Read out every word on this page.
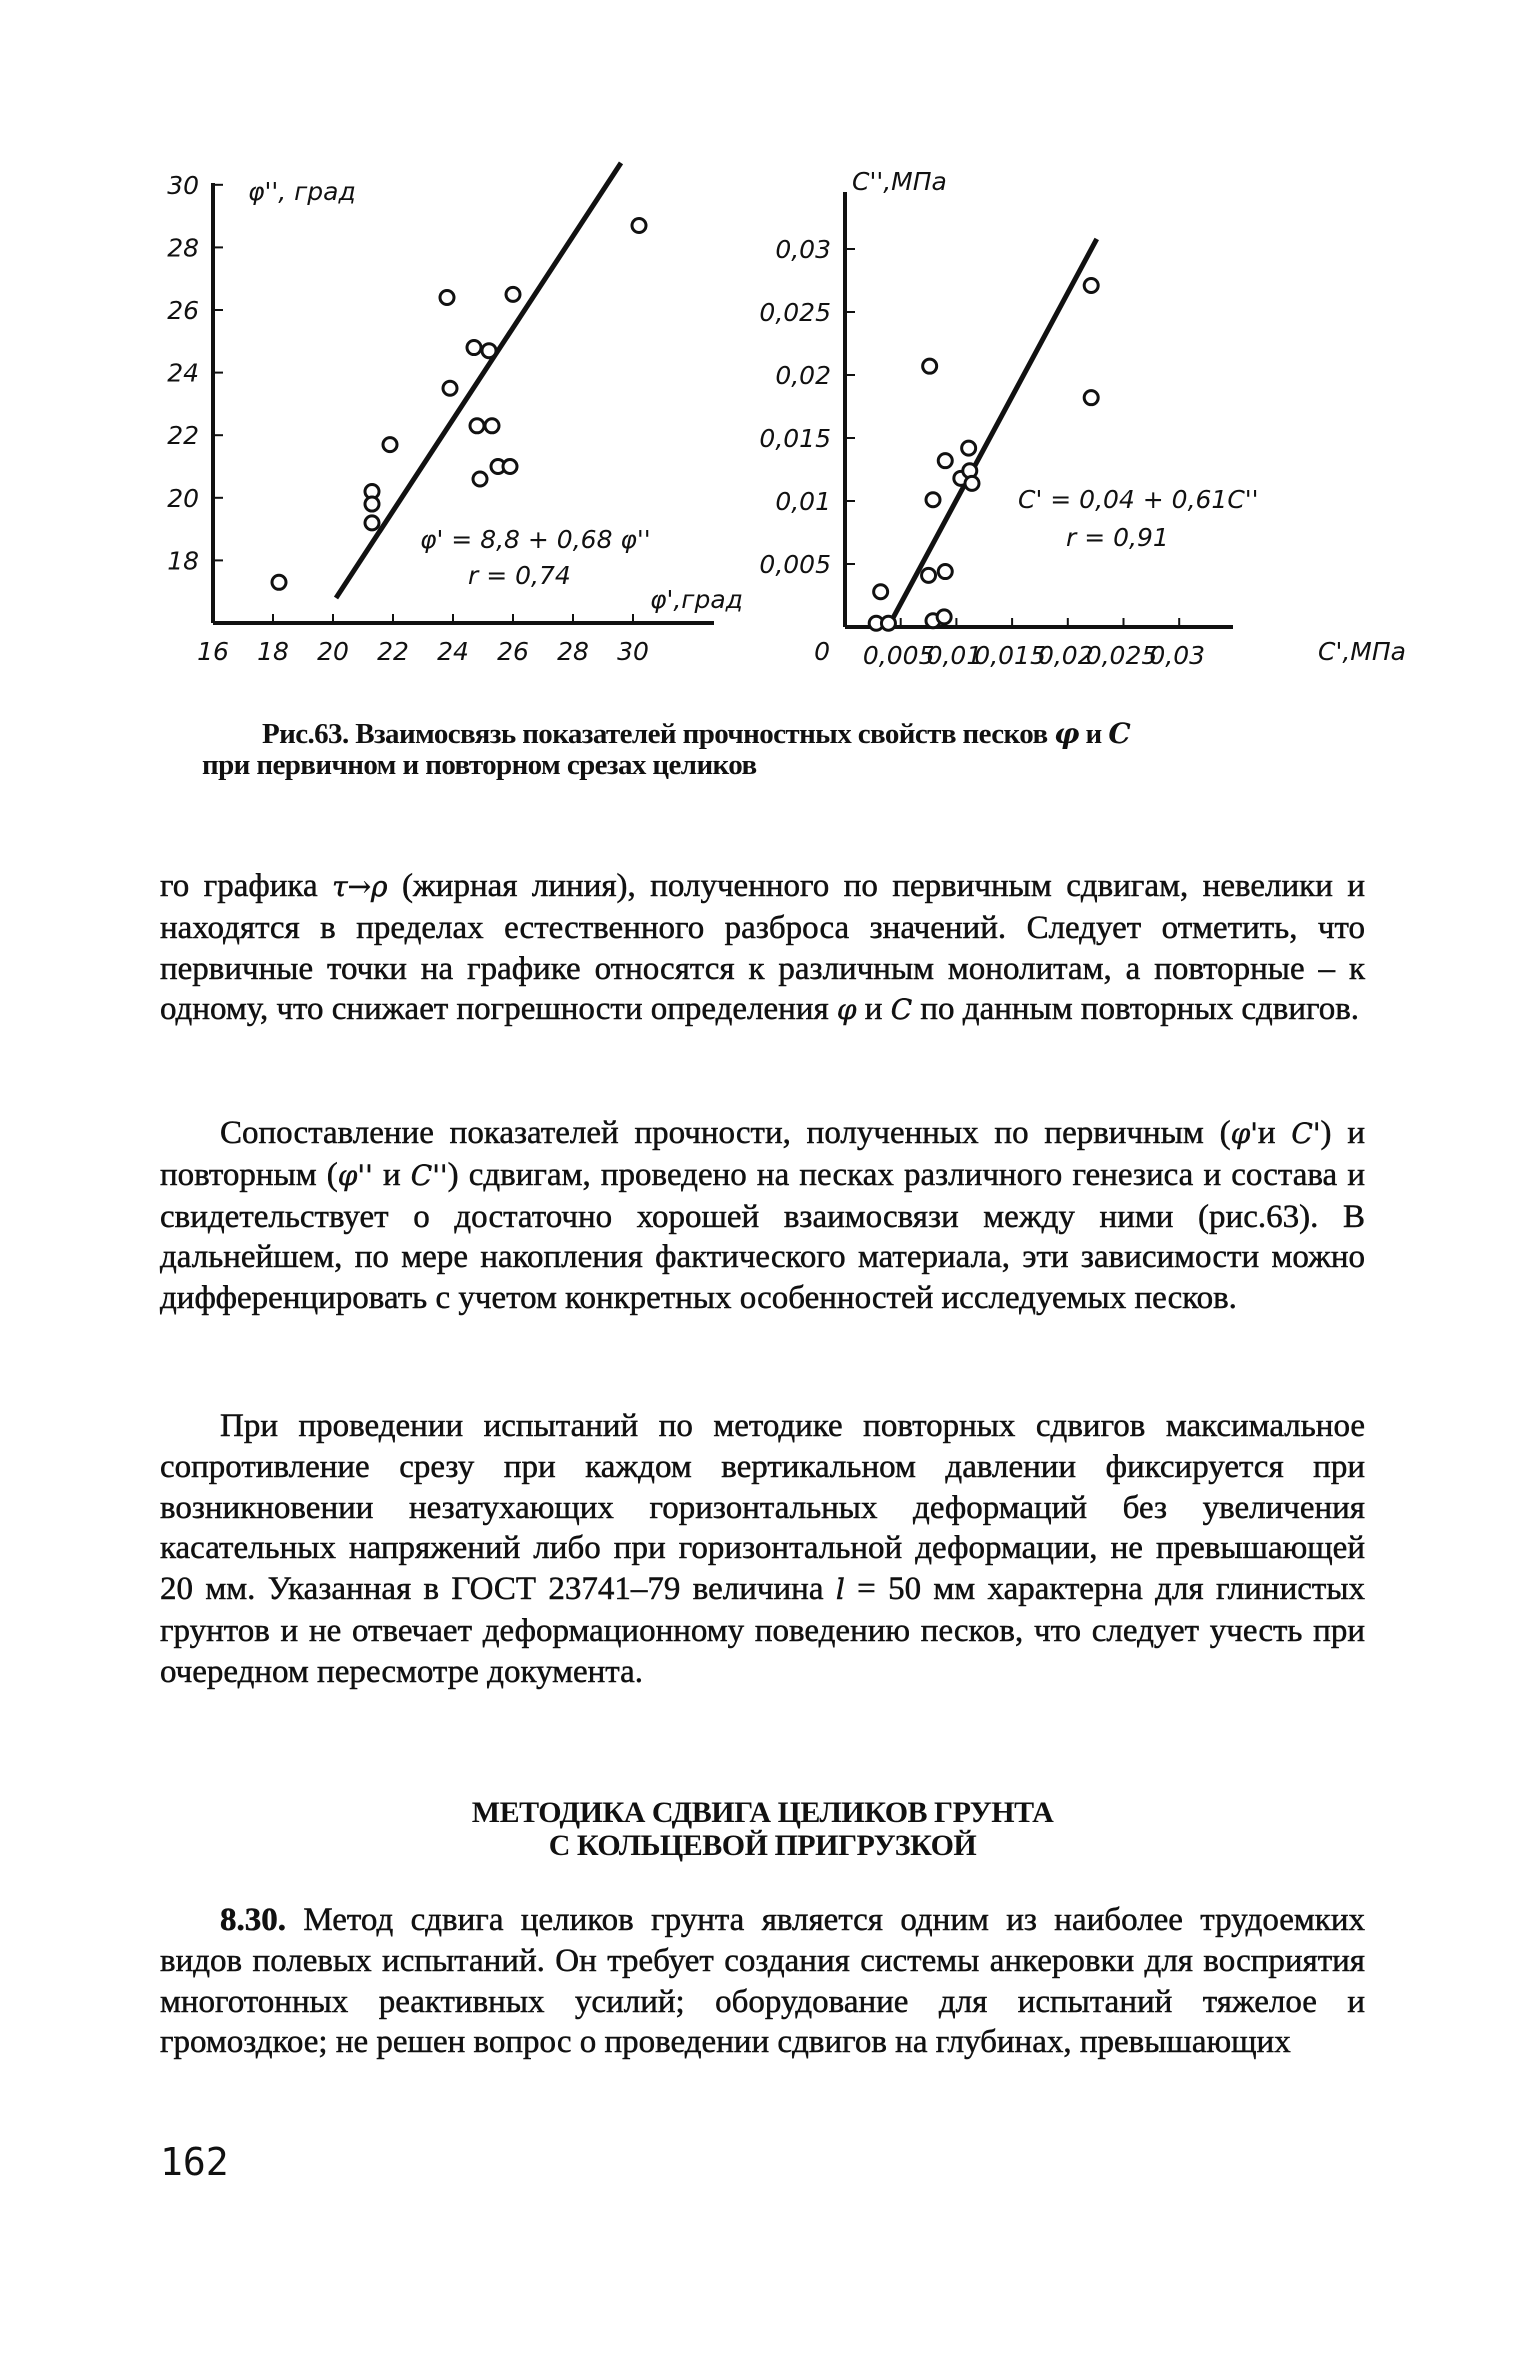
φ'', град
φ',град
φ' = 8,8 + 0,68 φ''
r = 0,74
16 18 20 22 24 26 28 30
18
20
22
24
26
28
30	C'',МПа
C',МПа
0
C' = 0,04 + 0,61C''
r = 0,91
0,005
0,01
0,015
0,02
0,025
0,03
0,005
0,01
0,015
0,02
0,025
0,03
Рис.63. Взаимосвязь показателей прочностных свойств песков φ и C
при первичном и повторном срезах целиков
го графика τ→ρ (жирная линия), полученного по первичным сдвигам, невелики и находятся в пределах естественного разброса значений. Следует отметить, что первичные точки на графике относятся к различным монолитам, а повторные – к одному, что снижает погрешности определения φ и C по данным повторных сдвигов.
Сопоставление показателей прочности, полученных по первичным (φ'и C') и повторным (φ'' и C'') сдвигам, проведено на песках различного генезиса и состава и свидетельствует о достаточно хорошей взаимосвязи между ними (рис.63). В дальнейшем, по мере накопления фактического материала, эти зависимости можно дифференцировать с учетом конкретных особенностей исследуемых песков.
При проведении испытаний по методике повторных сдвигов максимальное сопротивление срезу при каждом вертикальном давлении фиксируется при возникновении незатухающих горизонтальных деформаций без увеличения касательных напряжений либо при горизонтальной деформации, не превышающей 20 мм. Указанная в ГОСТ 23741–79 величина l = 50 мм характерна для глинистых грунтов и не отвечает деформационному поведению песков, что следует учесть при очередном пересмотре документа.
МЕТОДИКА СДВИГА ЦЕЛИКОВ ГРУНТА
С КОЛЬЦЕВОЙ ПРИГРУЗКОЙ
8.30. Метод сдвига целиков грунта является одним из наиболее трудоемких видов полевых испытаний. Он требует создания системы анкеровки для восприятия многотонных реактивных усилий; оборудование для испытаний тяжелое и громоздкое; не решен вопрос о проведении сдвигов на глубинах, превышающих
162
